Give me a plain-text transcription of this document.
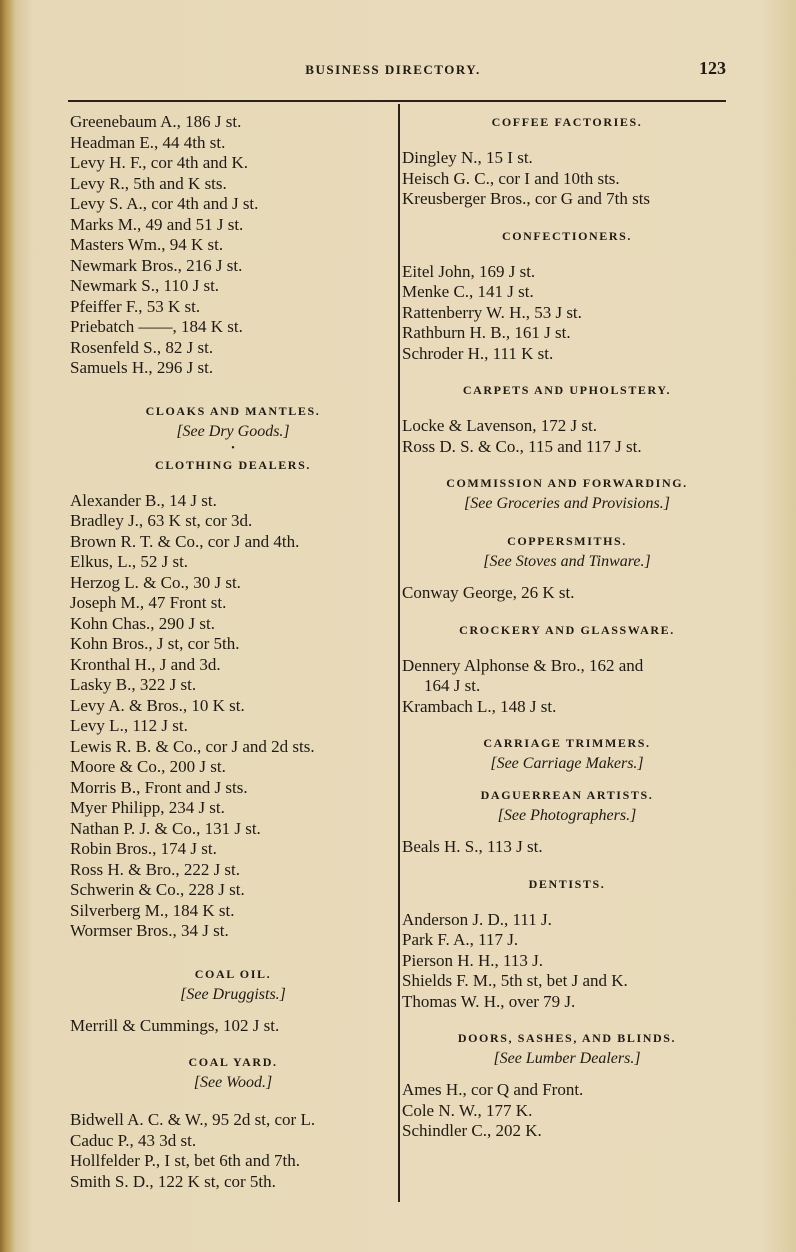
BUSINESS DIRECTORY.	123
Greenebaum A., 186 J st.
Headman E., 44 4th st.
Levy H. F., cor 4th and K.
Levy R., 5th and K sts.
Levy S. A., cor 4th and J st.
Marks M., 49 and 51 J st.
Masters Wm., 94 K st.
Newmark Bros., 216 J st.
Newmark S., 110 J st.
Pfeiffer F., 53 K st.
Priebatch ——, 184 K st.
Rosenfeld S., 82 J st.
Samuels H., 296 J st.
CLOAKS AND MANTLES.
[See Dry Goods.]
•
CLOTHING DEALERS.
Alexander B., 14 J st.
Bradley J., 63 K st, cor 3d.
Brown R. T. & Co., cor J and 4th.
Elkus, L., 52 J st.
Herzog L. & Co., 30 J st.
Joseph M., 47 Front st.
Kohn Chas., 290 J st.
Kohn Bros., J st, cor 5th.
Kronthal H., J and 3d.
Lasky B., 322 J st.
Levy A. & Bros., 10 K st.
Levy L., 112 J st.
Lewis R. B. & Co., cor J and 2d sts.
Moore & Co., 200 J st.
Morris B., Front and J sts.
Myer Philipp, 234 J st.
Nathan P. J. & Co., 131 J st.
Robin Bros., 174 J st.
Ross H. & Bro., 222 J st.
Schwerin & Co., 228 J st.
Silverberg M., 184 K st.
Wormser Bros., 34 J st.
COAL OIL.
[See Druggists.]
Merrill & Cummings, 102 J st.
COAL YARD.
[See Wood.]
Bidwell A. C. & W., 95 2d st, cor L.
Caduc P., 43 3d st.
Hollfelder P., I st, bet 6th and 7th.
Smith S. D., 122 K st, cor 5th.
COFFEE FACTORIES.
Dingley N., 15 I st.
Heisch G. C., cor I and 10th sts.
Kreusberger Bros., cor G and 7th sts
CONFECTIONERS.
Eitel John, 169 J st.
Menke C., 141 J st.
Rattenberry W. H., 53 J st.
Rathburn H. B., 161 J st.
Schroder H., 111 K st.
CARPETS AND UPHOLSTERY.
Locke & Lavenson, 172 J st.
Ross D. S. & Co., 115 and 117 J st.
COMMISSION AND FORWARDING.
[See Groceries and Provisions.]
COPPERSMITHS.
[See Stoves and Tinware.]
Conway George, 26 K st.
CROCKERY AND GLASSWARE.
Dennery Alphonse & Bro., 162 and
164 J st.
Krambach L., 148 J st.
CARRIAGE TRIMMERS.
[See Carriage Makers.]
DAGUERREAN ARTISTS.
[See Photographers.]
Beals H. S., 113 J st.
DENTISTS.
Anderson J. D., 111 J.
Park F. A., 117 J.
Pierson H. H., 113 J.
Shields F. M., 5th st, bet J and K.
Thomas W. H., over 79 J.
DOORS, SASHES, AND BLINDS.
[See Lumber Dealers.]
Ames H., cor Q and Front.
Cole N. W., 177 K.
Schindler C., 202 K.
